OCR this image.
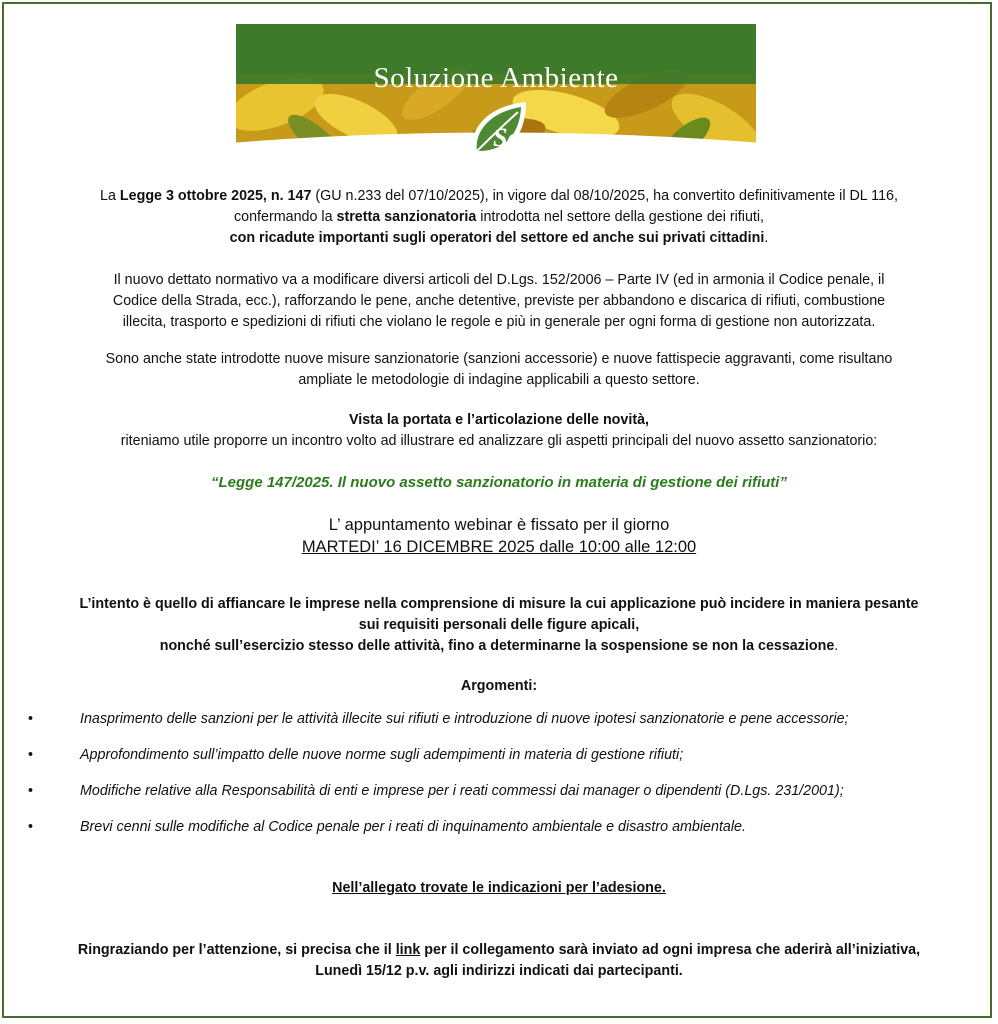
Sa
Soluzione Ambiente
La Legge 3 ottobre 2025, n. 147 (GU n.233 del 07/10/2025), in vigore dal 08/10/2025, ha convertito definitivamente il DL 116,
confermando la stretta sanzionatoria introdotta nel settore della gestione dei rifiuti,
con ricadute importanti sugli operatori del settore ed anche sui privati cittadini.
Il nuovo dettato normativo va a modificare diversi articoli del D.Lgs. 152/2006 – Parte IV (ed in armonia il Codice penale, il
Codice della Strada, ecc.), rafforzando le pene, anche detentive, previste per abbandono e discarica di rifiuti, combustione
illecita, trasporto e spedizioni di rifiuti che violano le regole e più in generale per ogni forma di gestione non autorizzata.
Sono anche state introdotte nuove misure sanzionatorie (sanzioni accessorie) e nuove fattispecie aggravanti, come risultano
ampliate le metodologie di indagine applicabili a questo settore.
Vista la portata e l’articolazione delle novità,
riteniamo utile proporre un incontro volto ad illustrare ed analizzare gli aspetti principali del nuovo assetto sanzionatorio:
“Legge 147/2025. Il nuovo assetto sanzionatorio in materia di gestione dei rifiuti”
L’ appuntamento webinar è fissato per il giorno
MARTEDI’ 16 DICEMBRE 2025 dalle 10:00 alle 12:00
L’intento è quello di affiancare le imprese nella comprensione di misure la cui applicazione può incidere in maniera pesante
sui requisiti personali delle figure apicali,
nonché sull’esercizio stesso delle attività, fino a determinarne la sospensione se non la cessazione.
Argomenti:
•	Inasprimento delle sanzioni per le attività illecite sui rifiuti e introduzione di nuove ipotesi sanzionatorie e pene accessorie;
•	Approfondimento sull’impatto delle nuove norme sugli adempimenti in materia di gestione rifiuti;
•	Modifiche relative alla Responsabilità di enti e imprese per i reati commessi dai manager o dipendenti (D.Lgs. 231/2001);
•	Brevi cenni sulle modifiche al Codice penale per i reati di inquinamento ambientale e disastro ambientale.
Nell’allegato trovate le indicazioni per l’adesione.
Ringraziando per l’attenzione, si precisa che il link per il collegamento sarà inviato ad ogni impresa che aderirà all’iniziativa,
Lunedì 15/12 p.v. agli indirizzi indicati dai partecipanti.
